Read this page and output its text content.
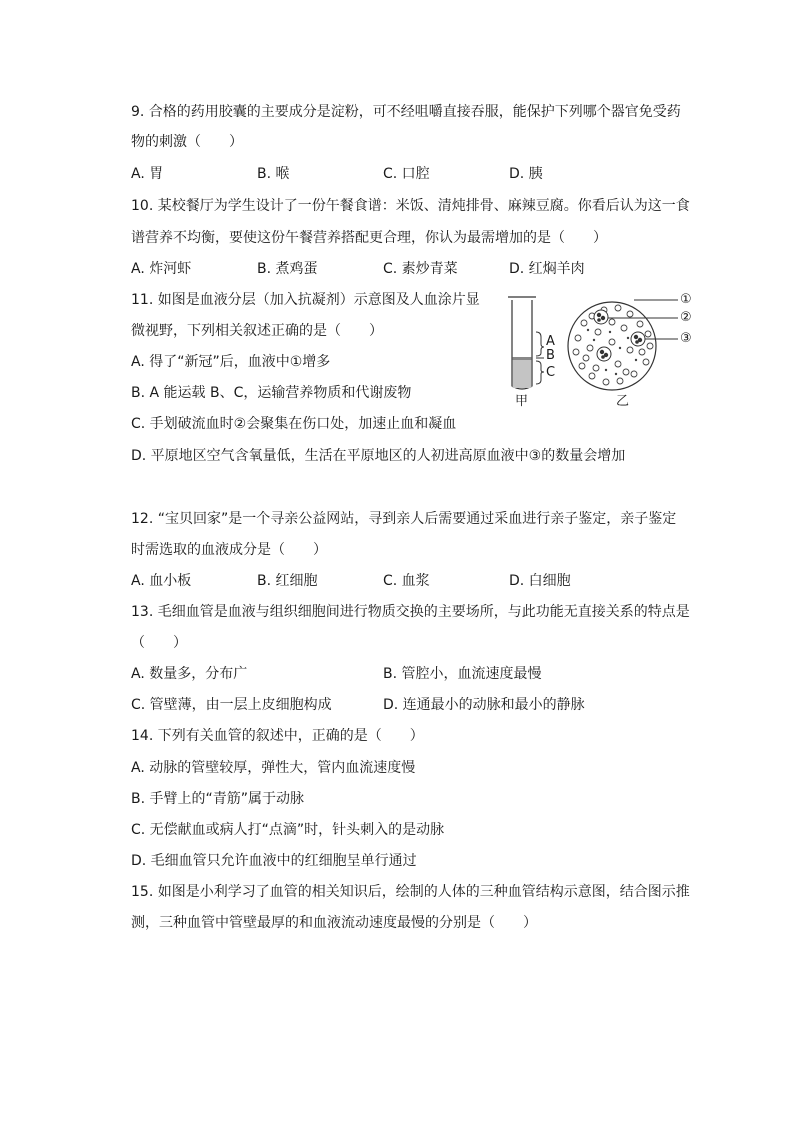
9. 合格的药用胶囊的主要成分是淀粉，可不经咀嚼直接吞服，能保护下列哪个器官免受药
物的刺激（　　）
A. 胃	B. 喉	C. 口腔	D. 胰
10. 某校餐厅为学生设计了一份午餐食谱：米饭、清炖排骨、麻辣豆腐。你看后认为这一食
谱营养不均衡，要使这份午餐营养搭配更合理，你认为最需增加的是（　　）
A. 炸河虾	B. 煮鸡蛋	C. 素炒青菜	D. 红焖羊肉
11. 如图是血液分层（加入抗凝剂）示意图及人血涂片显
微视野，下列相关叙述正确的是（　　）
A. 得了“新冠”后，血液中①增多
B. A 能运载 B、C，运输营养物质和代谢废物
C. 手划破流血时②会聚集在伤口处，加速止血和凝血
D. 平原地区空气含氧量低，生活在平原地区的人初进高原血液中③的数量会增加
A
B
C
甲	乙
①
②
③
12. “宝贝回家”是一个寻亲公益网站，寻到亲人后需要通过采血进行亲子鉴定，亲子鉴定
时需选取的血液成分是（　　）
A. 血小板	B. 红细胞	C. 血浆	D. 白细胞
13. 毛细血管是血液与组织细胞间进行物质交换的主要场所，与此功能无直接关系的特点是
（　　）
A. 数量多，分布广	B. 管腔小，血流速度最慢
C. 管壁薄，由一层上皮细胞构成	D. 连通最小的动脉和最小的静脉
14. 下列有关血管的叙述中，正确的是（　　）
A. 动脉的管壁较厚，弹性大，管内血流速度慢
B. 手臂上的“青筋”属于动脉
C. 无偿献血或病人打“点滴”时，针头刺入的是动脉
D. 毛细血管只允许血液中的红细胞呈单行通过
15. 如图是小利学习了血管的相关知识后，绘制的人体的三种血管结构示意图，结合图示推
测，三种血管中管壁最厚的和血液流动速度最慢的分别是（　　）
